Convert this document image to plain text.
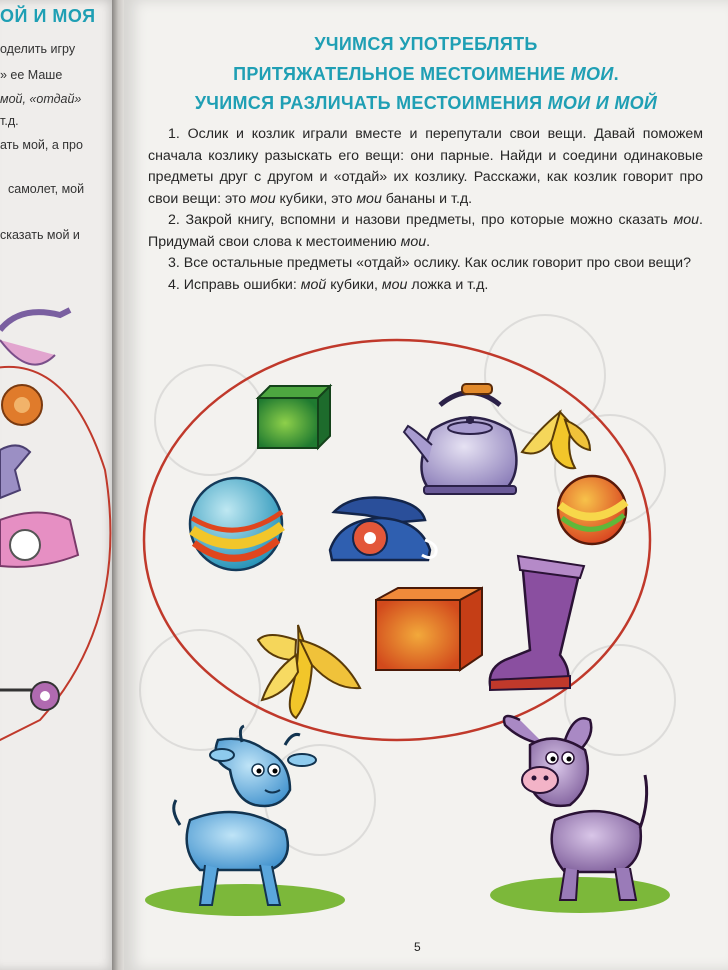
ОЙ И МОЯ
оделить игру
» ее Маше
мой, «отдай»
т.д.
ать мой, а про
самолет, мой
сказать мой и
УЧИМСЯ УПОТРЕБЛЯТЬ
ПРИТЯЖАТЕЛЬНОЕ МЕСТОИМЕНИЕ МОИ.
УЧИМСЯ РАЗЛИЧАТЬ МЕСТОИМЕНИЯ МОИ И МОЙ

1. Ослик и козлик играли вместе и перепутали свои вещи. Давай поможем сначала козлику разыскать его вещи: они парные. Найди и соедини одинаковые предметы друг с другом и «отдай» их козлику. Расскажи, как козлик говорит про свои вещи: это мои кубики, это мои бананы и т.д.

2. Закрой книгу, вспомни и назови предметы, про которые можно сказать мои. Придумай свои слова к местоимению мои.

3. Все остальные предметы «отдай» ослику. Как ослик говорит про свои вещи?

4. Исправь ошибки: мой кубики, мои ложка и т.д.

5
